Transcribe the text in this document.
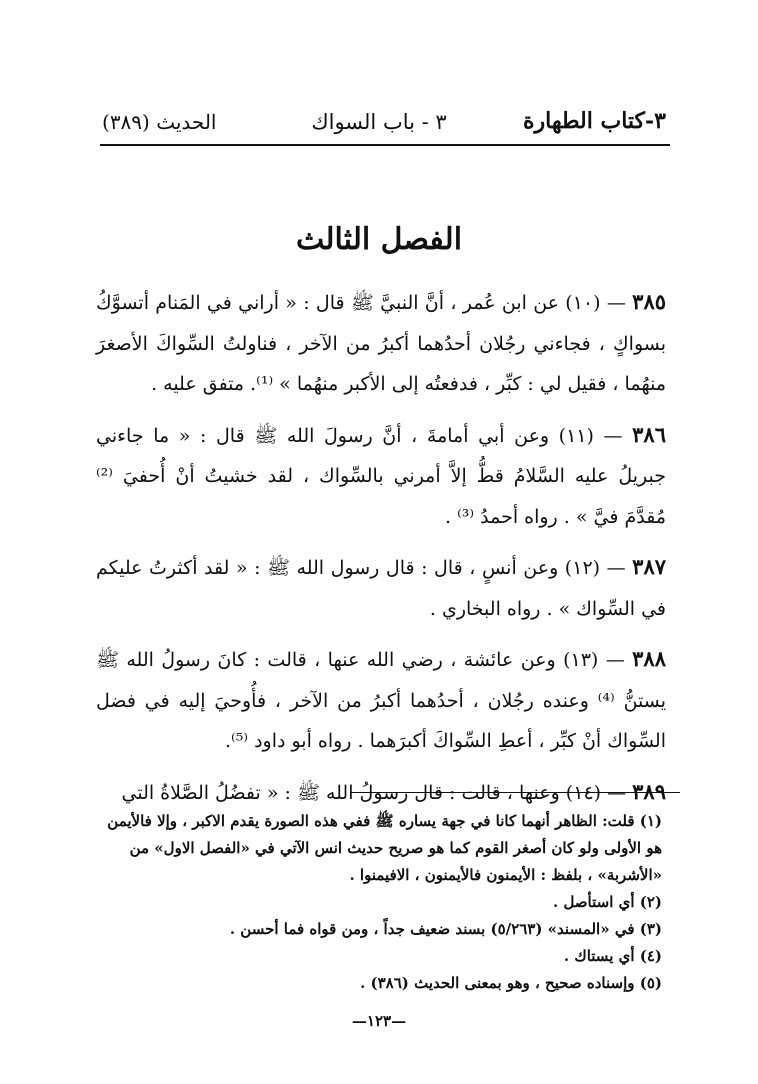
٣-كتاب الطهارة
٣ - باب السواك
الحديث (٣٨٩)
الفصل الثالث

٣٨٥ — (١٠) عن ابن عُمر ، أنَّ النبيَّ ﷺ قال : « أراني في المَنام أتسوَّكُ بسواكٍ ، فجاءني رجُلان أحدُهما أكبرُ من الآخر ، فناولتُ السِّواكَ الأصغرَ منهُما ، فقيل لي : كبِّر ، فدفعتُه إلى الأكبر منهُما » ⁽¹⁾. متفق عليه .

٣٨٦ — (١١) وعن أبي أمامةَ ، أنَّ رسولَ الله ﷺ قال : « ما جاءني جبريلُ عليه السَّلامُ قطُّ إلاَّ أمرني بالسِّواك ، لقد خشيتُ أنْ أُحفيَ ⁽²⁾ مُقدَّمَ فيَّ » . رواه أحمدُ ⁽³⁾ .

٣٨٧ — (١٢) وعن أنسٍ ، قال : قال رسول الله ﷺ : « لقد أكثرتُ عليكم في السِّواك » . رواه البخاري .

٣٨٨ — (١٣) وعن عائشة ، رضي الله عنها ، قالت : كانَ رسولُ الله ﷺ يستنُّ ⁽⁴⁾ وعنده رجُلان ، أحدُهما أكبرُ من الآخر ، فأُوحيَ إليه في فضل السِّواك أنْ كبِّر ، أعطِ السِّواكَ أكبرَهما . رواه أبو داود ⁽⁵⁾.

٣٨٩ — (١٤) وعنها ، قالت : قال رسولُ الله ﷺ : « تفضُلُ الصَّلاةُ التي

(١) قلت: الظاهر أنهما كانا في جهة يساره ﷺ ففي هذه الصورة يقدم الاكبر ، وإلا فالأيمن هو الأولى ولو كان أصغر القوم كما هو صريح حديث انس الآتي في «الفصل الاول» من «الأشربة» ، بلفظ : الأيمنون فالأيمنون ، الافيمنوا .
(٢) أي استأصل .
(٣) في «المسند» (٥/٢٦٣) بسند ضعيف جداً ، ومن قواه فما أحسن .
(٤) أي يستاك .
(٥) وإسناده صحيح ، وهو بمعنى الحديث (٣٨٦) .
—١٢٣—
